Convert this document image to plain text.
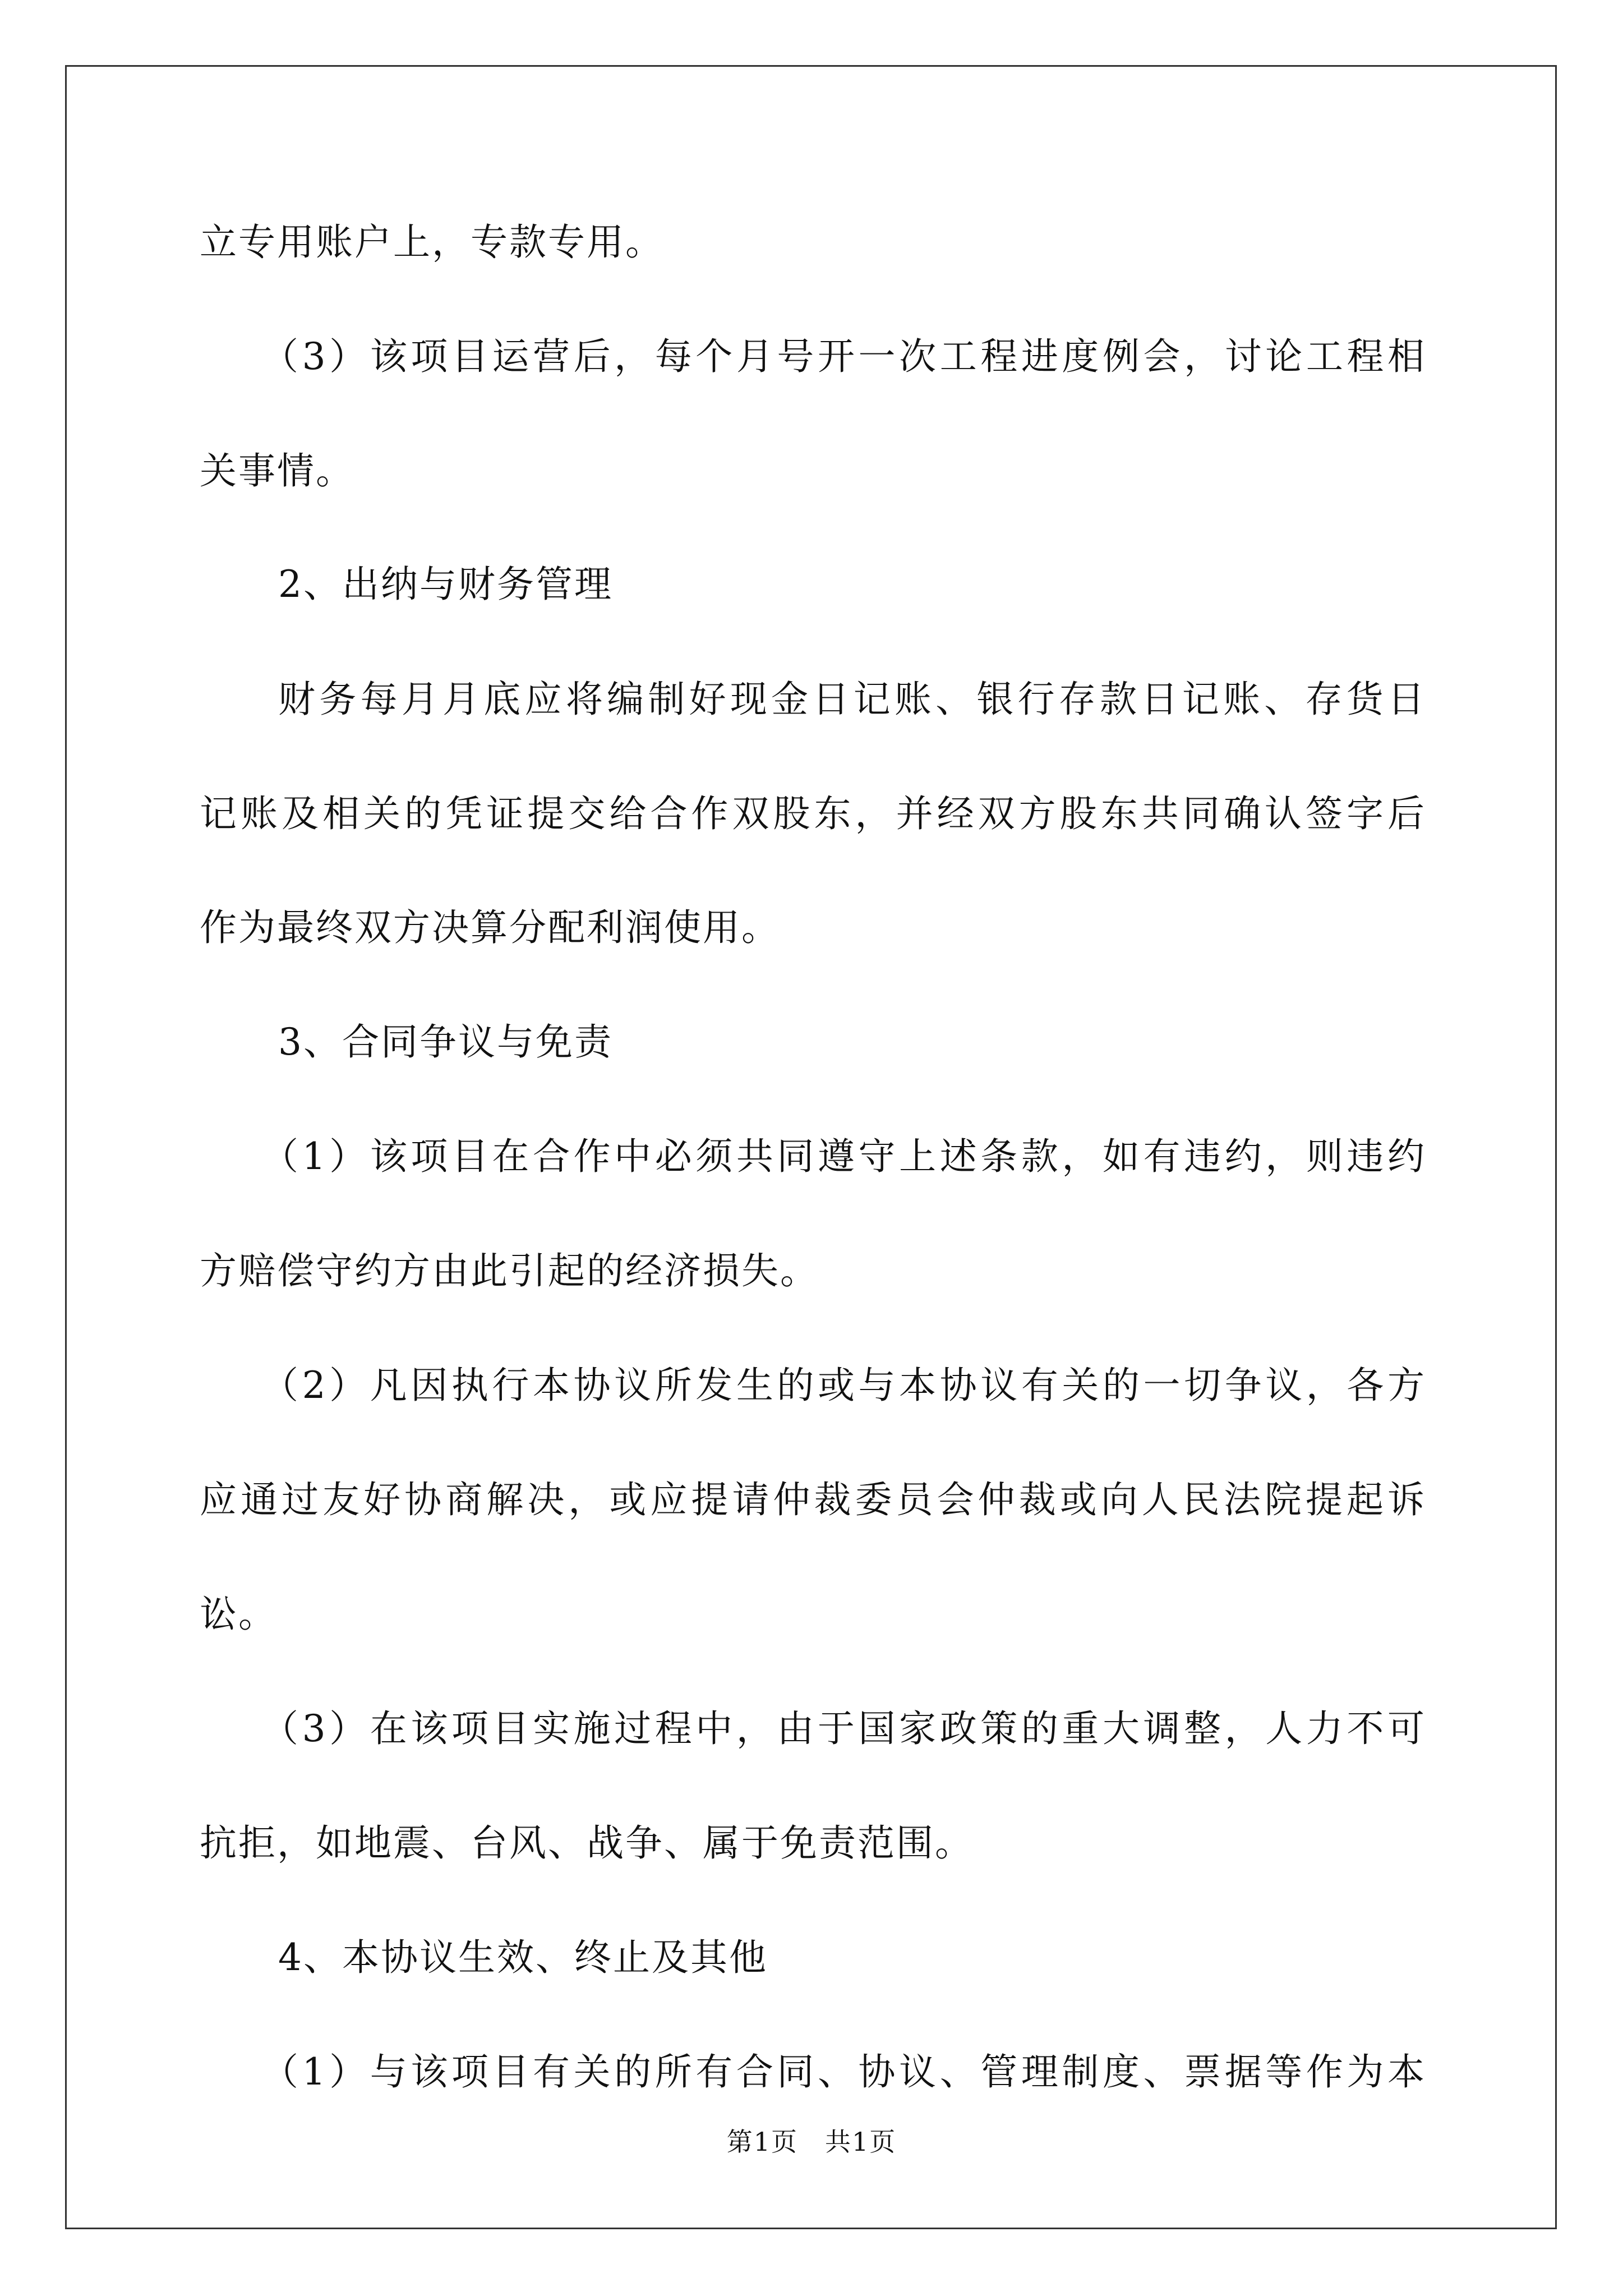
立专用账户上，专款专用。
（3）该项目运营后，每个月号开一次工程进度例会，讨论工程相
关事情。
2、出纳与财务管理
财务每月月底应将编制好现金日记账、银行存款日记账、存货日
记账及相关的凭证提交给合作双股东，并经双方股东共同确认签字后
作为最终双方决算分配利润使用。
3、合同争议与免责
（1）该项目在合作中必须共同遵守上述条款，如有违约，则违约
方赔偿守约方由此引起的经济损失。
（2）凡因执行本协议所发生的或与本协议有关的一切争议，各方
应通过友好协商解决，或应提请仲裁委员会仲裁或向人民法院提起诉
讼。
（3）在该项目实施过程中，由于国家政策的重大调整，人力不可
抗拒，如地震、台风、战争、属于免责范围。
4、本协议生效、终止及其他
（1）与该项目有关的所有合同、协议、管理制度、票据等作为本
第1页　共1页
